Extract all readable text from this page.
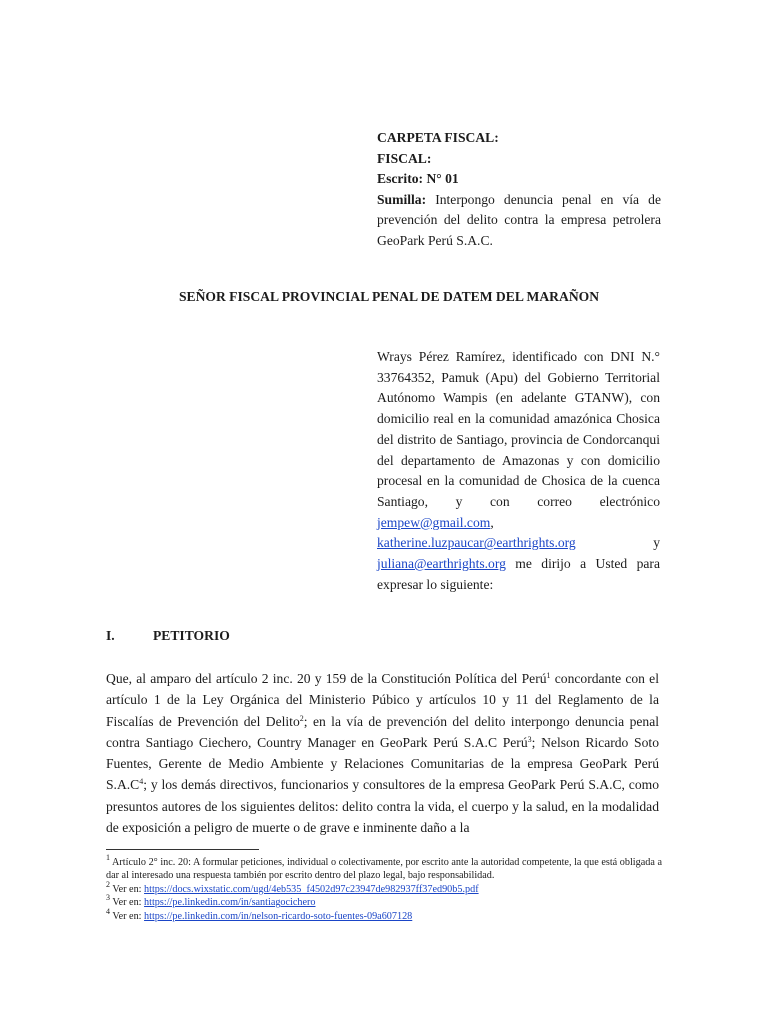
CARPETA FISCAL:
FISCAL:
Escrito: N° 01
Sumilla: Interpongo denuncia penal en vía de prevención del delito contra la empresa petrolera GeoPark Perú S.A.C.
SEÑOR FISCAL PROVINCIAL PENAL DE DATEM DEL MARAÑON
Wrays Pérez Ramírez, identificado con DNI N.° 33764352, Pamuk (Apu) del Gobierno Territorial Autónomo Wampis (en adelante GTANW), con domicilio real en la comunidad amazónica Chosica del distrito de Santiago, provincia de Condorcanqui del departamento de Amazonas y con domicilio procesal en la comunidad de Chosica de la cuenca Santiago, y con correo electrónico jempew@gmail.com, katherine.luzpaucar@earthrights.org y juliana@earthrights.org me dirijo a Usted para expresar lo siguiente:
I.	PETITORIO
Que, al amparo del artículo 2 inc. 20 y 159 de la Constitución Política del Perú$^1$ concordante con el artículo 1 de la Ley Orgánica del Ministerio Púbico y artículos 10 y 11 del Reglamento de la Fiscalías de Prevención del Delito$^2$; en la vía de prevención del delito interpongo denuncia penal contra Santiago Ciechero, Country Manager en GeoPark Perú S.A.C Perú$^3$; Nelson Ricardo Soto Fuentes, Gerente de Medio Ambiente y Relaciones Comunitarias de la empresa GeoPark Perú $S.A.C^4$; y los demás directivos, funcionarios y consultores de la empresa GeoPark Perú S.A.C, como presuntos autores de los siguientes delitos: delito contra la vida, el cuerpo y la salud, en la modalidad de exposición a peligro de muerte o de grave e inminente daño a la

$^1$ Artículo 2° inc. 20: A formular peticiones, individual o colectivamente, por escrito ante la autoridad competente, la que está obligada a dar al interesado una respuesta también por escrito dentro del plazo legal, bajo responsabilidad.

$^2$ Ver en: https://docs.wixstatic.com/ugd/4eb535_f4502d97c23947de982937ff37ed90b5.pdf

$^3$ Ver en: https://pe.linkedin.com/in/santiagocichero

$^4$ Ver en: https://pe.linkedin.com/in/nelson-ricardo-soto-fuentes-09a607128
